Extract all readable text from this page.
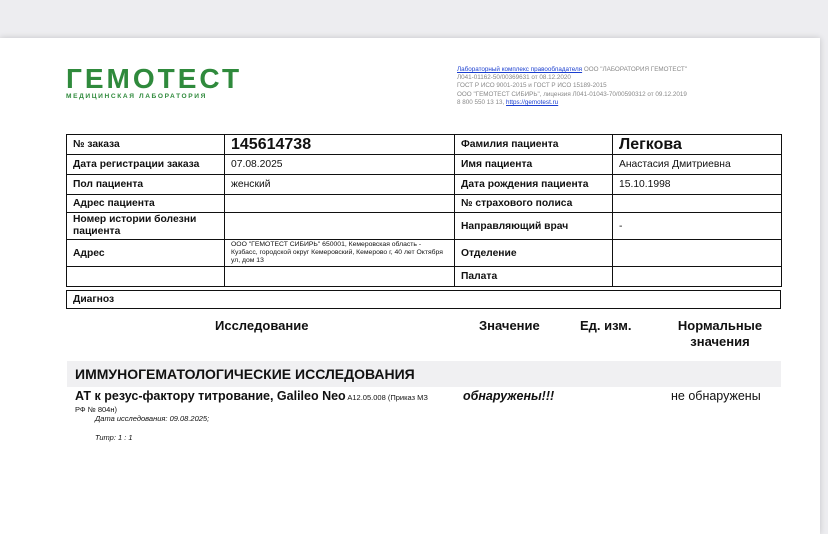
ГЕМОТЕСТ
МЕДИЦИНСКАЯ ЛАБОРАТОРИЯ
Лабораторный комплекс правообладателя ООО "ЛАБОРАТОРИЯ ГЕМОТЕСТ"
Л041-01162-50/00369631 от 08.12.2020
ГОСТ Р ИСО 9001-2015 и ГОСТ Р ИСО 15189-2015
ООО "ГЕМОТЕСТ СИБИРЬ", лицензия Л041-01043-70/00590312 от 09.12.2019
8 800 550 13 13, https://gemotest.ru
№ заказа	145614738	Фамилия пациента	Легкова
Дата регистрации заказа	07.08.2025	Имя пациента	Анастасия Дмитриевна
Пол пациента	женский	Дата рождения пациента	15.10.1998
Адрес пациента		№ страхового полиса	
Номер истории болезни пациента		Направляющий врач	-
Адрес	ООО "ГЕМОТЕСТ СИБИРЬ" 650001, Кемеровская область - Кузбасс, городской округ Кемеровский, Кемерово г, 40 лет Октября ул, дом 13	Отделение	
		Палата	
Диагноз
Исследование	Значение	Ед. изм.	Нормальные
значения
ИММУНОГЕМАТОЛОГИЧЕСКИЕ ИССЛЕДОВАНИЯ
АТ к резус-фактору титрование, Galileo Neo A12.05.008 (Приказ МЗ
РФ № 804н)
обнаружены!!!	не обнаружены
Дата исследования: 09.08.2025;
Титр: 1 : 1
